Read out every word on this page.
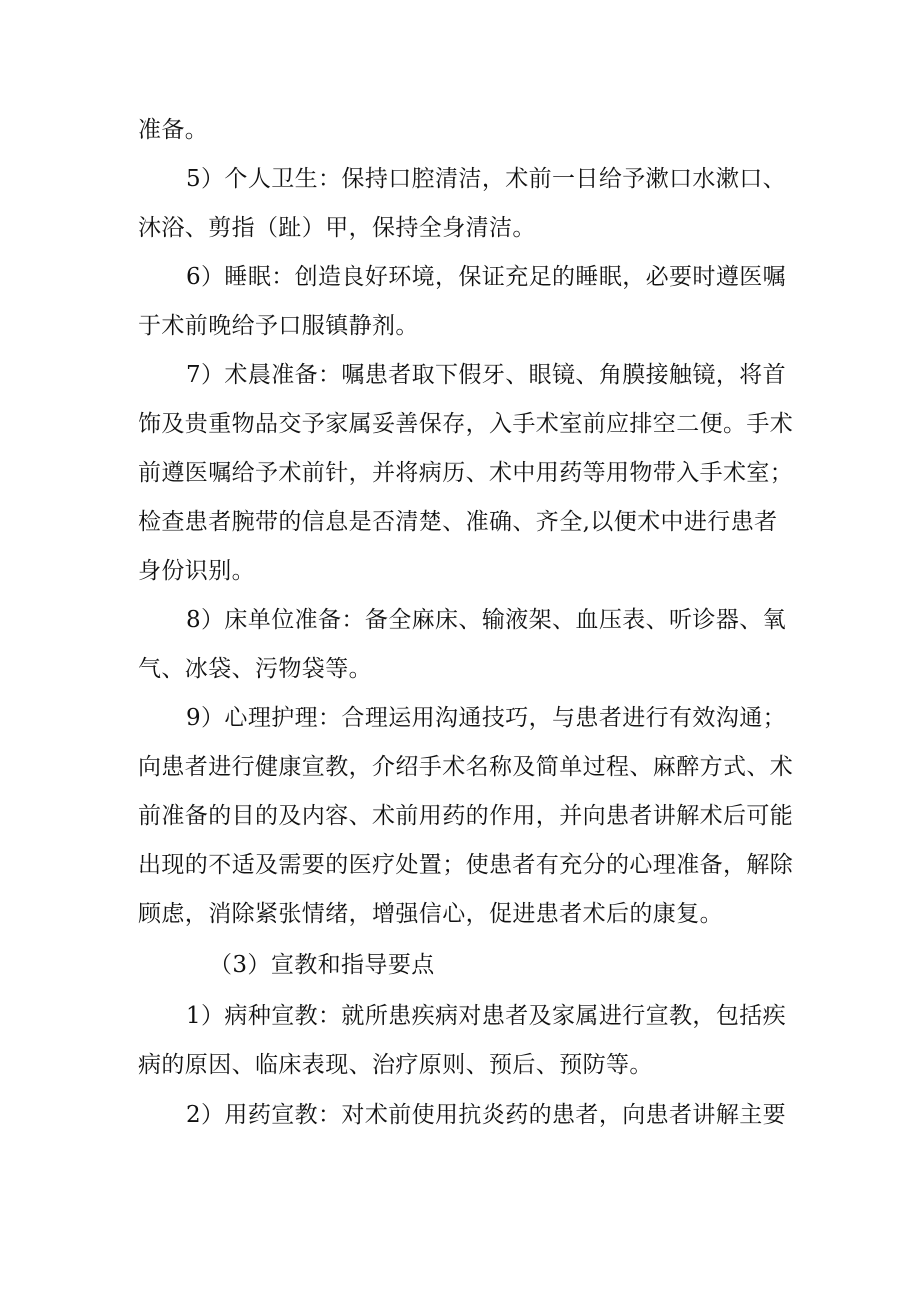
准备。
5）个人卫生：保持口腔清洁，术前一日给予漱口水漱口、
沐浴、剪指（趾）甲，保持全身清洁。
6）睡眠：创造良好环境，保证充足的睡眠，必要时遵医嘱
于术前晚给予口服镇静剂。
7）术晨准备：嘱患者取下假牙、眼镜、角膜接触镜，将首
饰及贵重物品交予家属妥善保存，入手术室前应排空二便。手术
前遵医嘱给予术前针，并将病历、术中用药等用物带入手术室；
检查患者腕带的信息是否清楚、准确、齐全,以便术中进行患者
身份识别。
8）床单位准备：备全麻床、输液架、血压表、听诊器、氧
气、冰袋、污物袋等。
9）心理护理：合理运用沟通技巧，与患者进行有效沟通；
向患者进行健康宣教，介绍手术名称及简单过程、麻醉方式、术
前准备的目的及内容、术前用药的作用，并向患者讲解术后可能
出现的不适及需要的医疗处置；使患者有充分的心理准备，解除
顾虑，消除紧张情绪，增强信心，促进患者术后的康复。
（3）宣教和指导要点
1）病种宣教：就所患疾病对患者及家属进行宣教，包括疾
病的原因、临床表现、治疗原则、预后、预防等。
2）用药宣教：对术前使用抗炎药的患者，向患者讲解主要
